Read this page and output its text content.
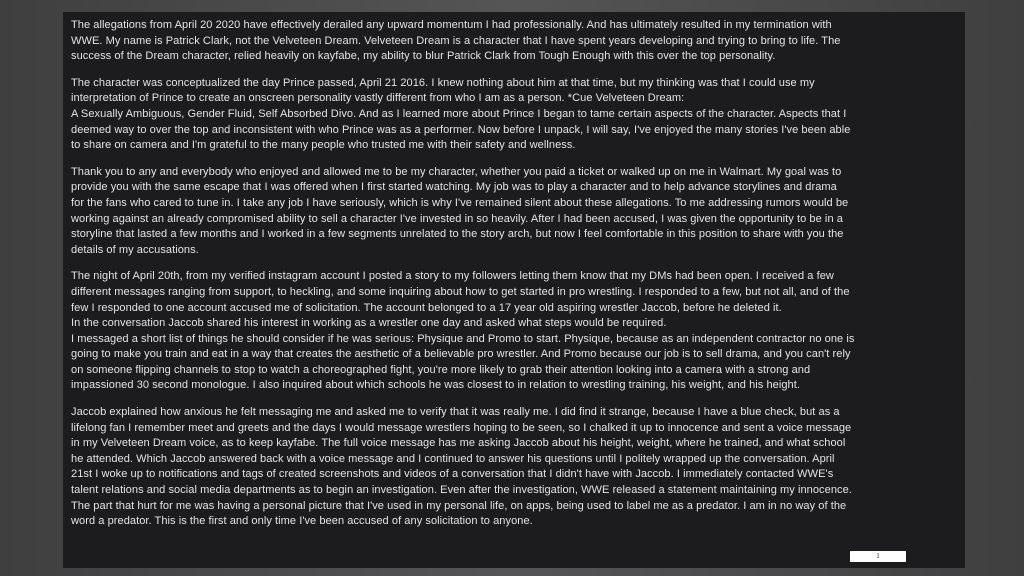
The allegations from April 20 2020 have effectively derailed any upward momentum I had professionally. And has ultimately resulted in my termination with
WWE. My name is Patrick Clark, not the Velveteen Dream. Velveteen Dream is a character that I have spent years developing and trying to bring to life. The
success of the Dream character, relied heavily on kayfabe, my ability to blur Patrick Clark from Tough Enough with this over the top personality.

The character was conceptualized the day Prince passed, April 21 2016. I knew nothing about him at that time, but my thinking was that I could use my
interpretation of Prince to create an onscreen personality vastly different from who I am as a person. *Cue Velveteen Dream:
A Sexually Ambiguous, Gender Fluid, Self Absorbed Divo. And as I learned more about Prince I began to tame certain aspects of the character. Aspects that I
deemed way to over the top and inconsistent with who Prince was as a performer. Now before I unpack, I will say, I've enjoyed the many stories I've been able
to share on camera and I'm grateful to the many people who trusted me with their safety and wellness.

Thank you to any and everybody who enjoyed and allowed me to be my character, whether you paid a ticket or walked up on me in Walmart. My goal was to
provide you with the same escape that I was offered when I first started watching. My job was to play a character and to help advance storylines and drama
for the fans who cared to tune in. I take any job I have seriously, which is why I've remained silent about these allegations. To me addressing rumors would be
working against an already compromised ability to sell a character I've invested in so heavily. After I had been accused, I was given the opportunity to be in a
storyline that lasted a few months and I worked in a few segments unrelated to the story arch, but now I feel comfortable in this position to share with you the
details of my accusations.

The night of April 20th, from my verified instagram account I posted a story to my followers letting them know that my DMs had been open. I received a few
different messages ranging from support, to heckling, and some inquiring about how to get started in pro wrestling. I responded to a few, but not all, and of the
few I responded to one account accused me of solicitation. The account belonged to a 17 year old aspiring wrestler Jaccob, before he deleted it.
In the conversation Jaccob shared his interest in working as a wrestler one day and asked what steps would be required.
I messaged a short list of things he should consider if he was serious: Physique and Promo to start. Physique, because as an independent contractor no one is
going to make you train and eat in a way that creates the aesthetic of a believable pro wrestler. And Promo because our job is to sell drama, and you can't rely
on someone flipping channels to stop to watch a choreographed fight, you're more likely to grab their attention looking into a camera with a strong and
impassioned 30 second monologue. I also inquired about which schools he was closest to in relation to wrestling training, his weight, and his height.

Jaccob explained how anxious he felt messaging me and asked me to verify that it was really me. I did find it strange, because I have a blue check, but as a
lifelong fan I remember meet and greets and the days I would message wrestlers hoping to be seen, so I chalked it up to innocence and sent a voice message
in my Velveteen Dream voice, as to keep kayfabe. The full voice message has me asking Jaccob about his height, weight, where he trained, and what school
he attended. Which Jaccob answered back with a voice message and I continued to answer his questions until I politely wrapped up the conversation. April
21st I woke up to notifications and tags of created screenshots and videos of a conversation that I didn't have with Jaccob. I immediately contacted WWE's
talent relations and social media departments as to begin an investigation. Even after the investigation, WWE released a statement maintaining my innocence.
The part that hurt for me was having a personal picture that I've used in my personal life, on apps, being used to label me as a predator. I am in no way of the
word a predator. This is the first and only time I've been accused of any solicitation to anyone.

1
